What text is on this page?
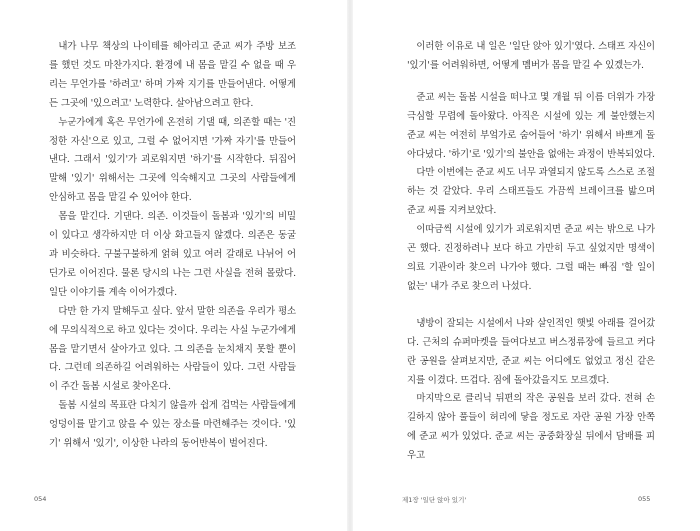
내가 나무 책상의 나이테를 헤아리고 준교 씨가 주방 보조를 했던 것도 마찬가지다. 환경에 내 몸을 맡길 수 없을 때 우리는 무언가를 '하려고' 하며 가짜 지기를 만들어낸다. 어떻게든 그곳에 '있으려고' 노력한다. 살아남으려고 한다.

누군가에게 혹은 무언가에 온전히 기댈 때, 의존할 때는 '진정한 자신'으로 있고, 그럴 수 없어지면 '가짜 자기'를 만들어낸다. 그래서 '있기'가 괴로워지면 '하기'를 시작한다. 뒤집어 말해 '있기' 위해서는 그곳에 익숙해지고 그곳의 사람들에게 안심하고 몸을 맡길 수 있어야 한다.

몸을 맡긴다. 기댄다. 의존. 이것들이 돌봄과 '있기'의 비밀이 있다고 생각하지만 더 이상 화고들지 않겠다. 의존은 동굴과 비슷하다. 구불구불하게 얽혀 있고 여러 갈래로 나뉘어 어딘가로 이어진다. 물론 당시의 나는 그런 사실을 전혀 몰랐다. 일단 이야기를 계속 이어가겠다.

다만 한 가지 말해두고 싶다. 앞서 말한 의존을 우리가 평소에 무의식적으로 하고 있다는 것이다. 우리는 사실 누군가에게 몸을 맡기면서 살아가고 있다. 그 의존을 눈치채지 못할 뿐이다. 그런데 의존하길 어려워하는 사람들이 있다. 그런 사람들이 주간 돌봄 시설로 찾아온다.

돌봄 시설의 목표란 다치기 않을까 쉽게 겁먹는 사람들에게 엉덩이를 맡기고 앉을 수 있는 장소를 마련해주는 것이다. '있기' 위해서 '있기', 이상한 나라의 동어반복이 벌어진다.

054

이러한 이유로 내 일은 '일단 앉아 있기'였다. 스태프 자신이 '있기'를 어려워하면, 어떻게 멤버가 몸을 맡길 수 있겠는가.

준교 씨는 돌봄 시설을 떠나고 몇 개월 뒤 이름 더위가 가장 극심할 무렵에 돌아왔다. 아직은 시설에 있는 게 불안했는지 준교 씨는 여전히 부엌가로 숨어들어 '하기' 위해서 바쁘게 돌아다녔다. '하기'로 '있기'의 불안을 없애는 과정이 반복되었다.

다만 이번에는 준교 씨도 너무 과열되지 않도록 스스로 조절하는 것 같았다. 우리 스태프들도 가끔씩 브레이크를 밟으며 준교 씨를 지켜보았다.

이따금씩 시설에 있기가 괴로워지면 준교 씨는 밖으로 나가곤 했다. 진정하려나 보다 하고 가만히 두고 싶었지만 명색이 의료 기관이라 찾으러 나가야 했다. 그럴 때는 빠짐 '할 일이 없는' 내가 주로 찾으러 나섰다.

냉방이 잘되는 시설에서 나와 살인적인 햇빛 아래를 걸어갔다. 근처의 슈퍼마켓을 들여다보고 버스정류장에 들르고 커다란 공원을 살펴보지만, 준교 씨는 어디에도 없었고 정신 같은 지를 이겼다. 뜨겁다. 짐에 돌아갔을지도 모르겠다.

마지막으로 클리닉 뒤편의 작은 공원을 보러 갔다. 전혀 손길하지 않아 풀들이 허리에 닿을 정도로 자란 공원 가장 안쪽에 준교 씨가 있었다. 준교 씨는 공중화장실 뒤에서 담배를 피우고

제1장 '일단 앉아 있기'	055
